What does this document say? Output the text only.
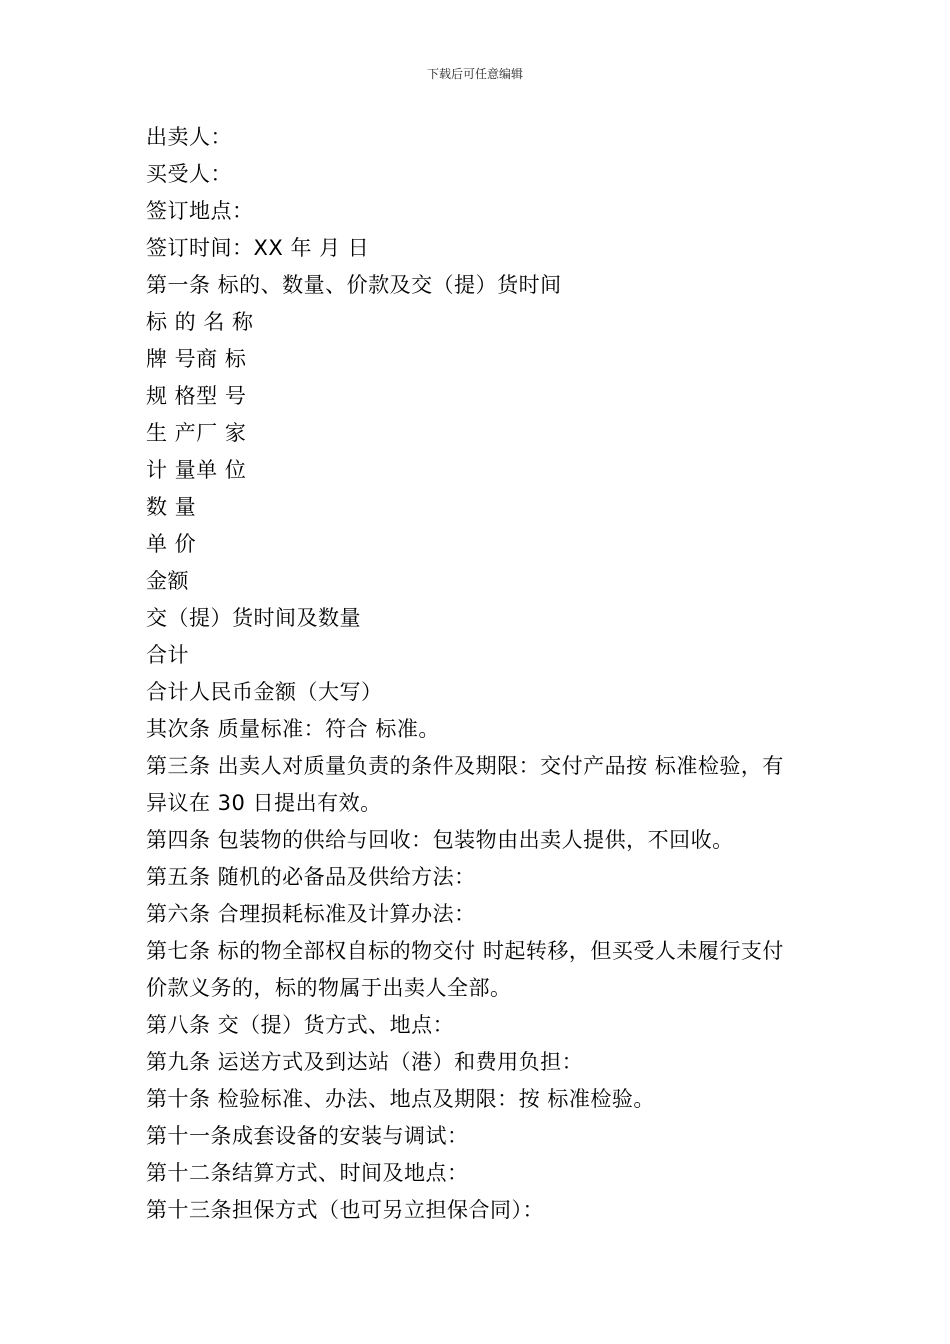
下载后可任意编辑
出卖人：
买受人：
签订地点：
签订时间：XX 年 月 日
第一条 标的、数量、价款及交（提）货时间
标 的 名 称
牌 号商 标
规 格型 号
生 产厂 家
计 量单 位
数 量
单 价
金额
交（提）货时间及数量
合计
合计人民币金额（大写）
其次条 质量标准：符合 标准。
第三条 出卖人对质量负责的条件及期限：交付产品按 标准检验，有
异议在 30 日提出有效。
第四条 包装物的供给与回收：包装物由出卖人提供，不回收。
第五条 随机的必备品及供给方法：
第六条 合理损耗标准及计算办法：
第七条 标的物全部权自标的物交付 时起转移，但买受人未履行支付
价款义务的，标的物属于出卖人全部。
第八条 交（提）货方式、地点：
第九条 运送方式及到达站（港）和费用负担：
第十条 检验标准、办法、地点及期限：按 标准检验。
第十一条成套设备的安装与调试：
第十二条结算方式、时间及地点：
第十三条担保方式（也可另立担保合同）：
